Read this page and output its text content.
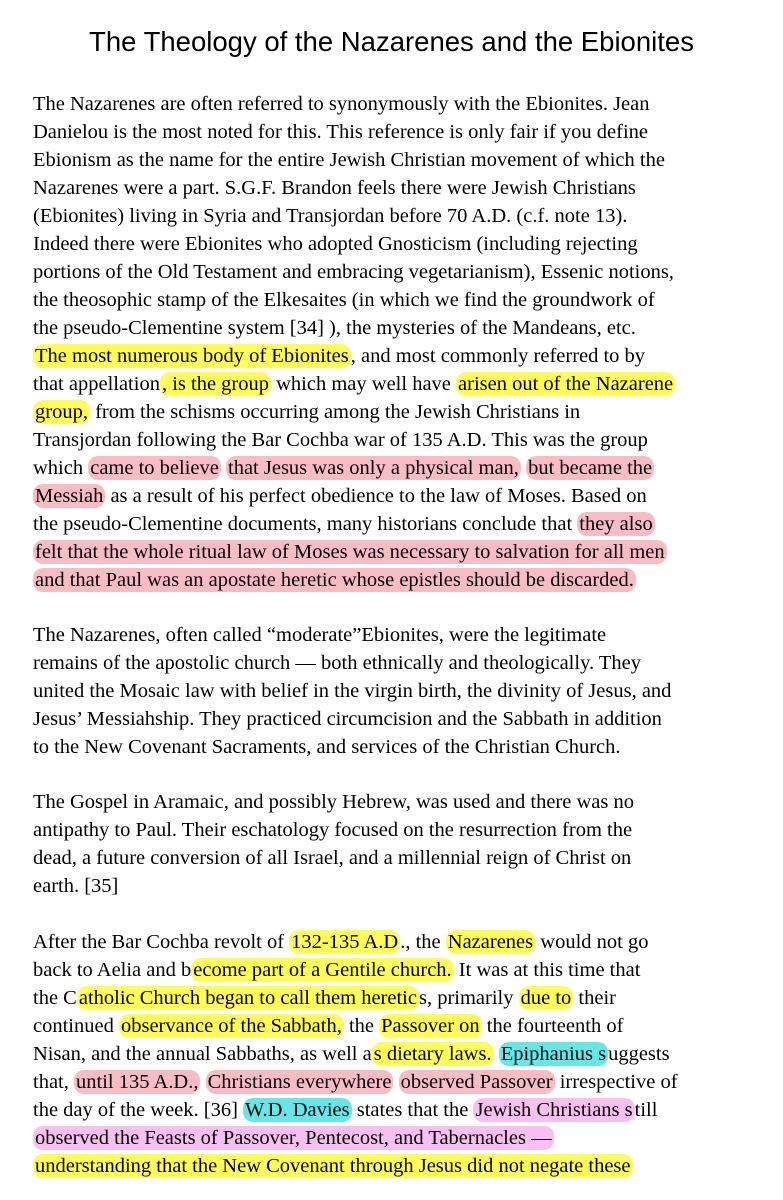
The Theology of the Nazarenes and the Ebionites
The Nazarenes are often referred to synonymously with the Ebionites. Jean
Danielou is the most noted for this. This reference is only fair if you define
Ebionism as the name for the entire Jewish Christian movement of which the
Nazarenes were a part. S.G.F. Brandon feels there were Jewish Christians
(Ebionites) living in Syria and Transjordan before 70 A.D. (c.f. note 13).
Indeed there were Ebionites who adopted Gnosticism (including rejecting
portions of the Old Testament and embracing vegetarianism), Essenic notions,
the theosophic stamp of the Elkesaites (in which we find the groundwork of
the pseudo-Clementine system [34] ), the mysteries of the Mandeans, etc.
The most numerous body of Ebionites, and most commonly referred to by
that appellation, is the group which may well have arisen out of the Nazarene
group, from the schisms occurring among the Jewish Christians in
Transjordan following the Bar Cochba war of 135 A.D. This was the group
which came to believe that Jesus was only a physical man, but became the
Messiah as a result of his perfect obedience to the law of Moses. Based on
the pseudo-Clementine documents, many historians conclude that they also
felt that the whole ritual law of Moses was necessary to salvation for all men
and that Paul was an apostate heretic whose epistles should be discarded.
The Nazarenes, often called “moderate”Ebionites, were the legitimate
remains of the apostolic church — both ethnically and theologically. They
united the Mosaic law with belief in the virgin birth, the divinity of Jesus, and
Jesus’ Messiahship. They practiced circumcision and the Sabbath in addition
to the New Covenant Sacraments, and services of the Christian Church.
The Gospel in Aramaic, and possibly Hebrew, was used and there was no
antipathy to Paul. Their eschatology focused on the resurrection from the
dead, a future conversion of all Israel, and a millennial reign of Christ on
earth. [35]
After the Bar Cochba revolt of 132-135 A.D., the Nazarenes would not go
back to Aelia and become part of a Gentile church. It was at this time that
the Catholic Church began to call them heretics, primarily due to their
continued observance of the Sabbath, the Passover on the fourteenth of
Nisan, and the annual Sabbaths, as well as dietary laws. Epiphanius suggests
that, until 135 A.D., Christians everywhere observed Passover irrespective of
the day of the week. [36] W.D. Davies states that the Jewish Christians still
observed the Feasts of Passover, Pentecost, and Tabernacles —
understanding that the New Covenant through Jesus did not negate these
